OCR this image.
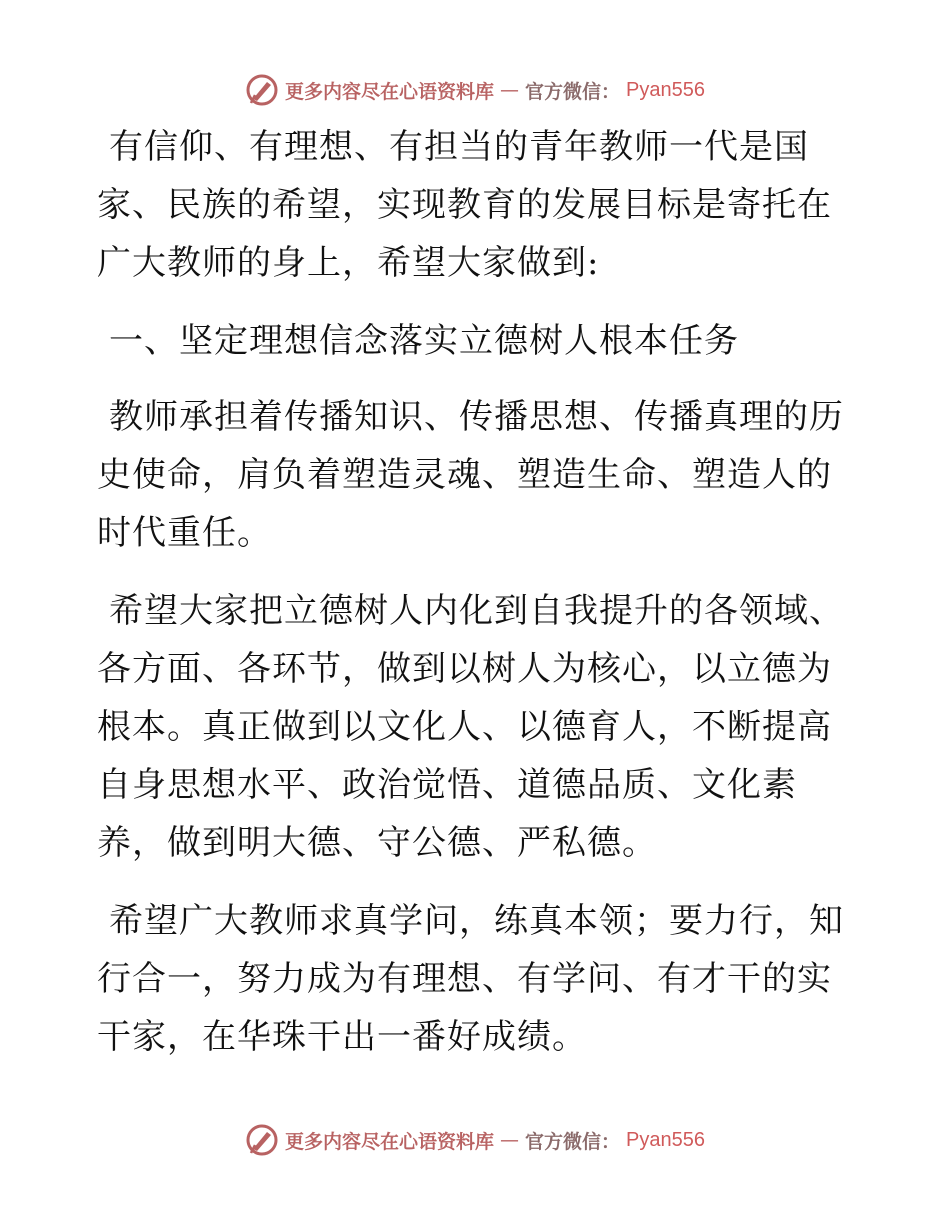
更多内容尽在心语资料库 — 官方微信： Pyan556

有信仰、有理想、有担当的青年教师一代是国家、民族的希望，实现教育的发展目标是寄托在广大教师的身上，希望大家做到:

一、坚定理想信念落实立德树人根本任务

教师承担着传播知识、传播思想、传播真理的历史使命，肩负着塑造灵魂、塑造生命、塑造人的时代重任。

希望大家把立德树人内化到自我提升的各领域、各方面、各环节，做到以树人为核心，以立德为根本。真正做到以文化人、以德育人，不断提高自身思想水平、政治觉悟、道德品质、文化素养，做到明大德、守公德、严私德。

希望广大教师求真学问，练真本领；要力行，知行合一，努力成为有理想、有学问、有才干的实干家，在华珠干出一番好成绩。

更多内容尽在心语资料库 — 官方微信： Pyan556
